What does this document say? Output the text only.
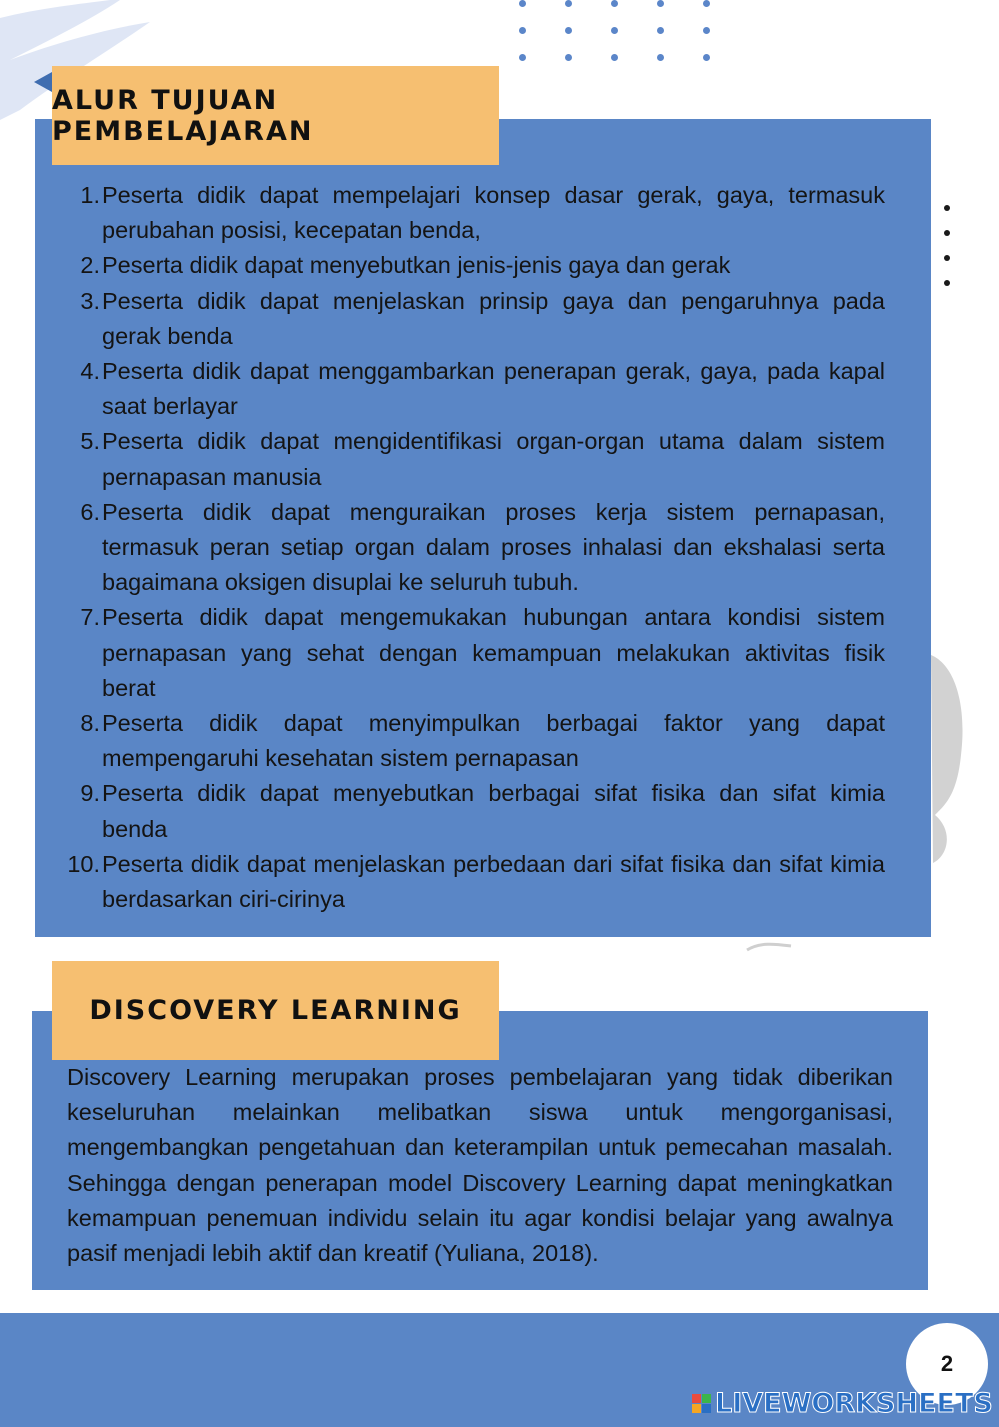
ALUR TUJUAN PEMBELAJARAN
1. Peserta didik dapat mempelajari konsep dasar gerak, gaya, termasuk perubahan posisi, kecepatan benda,
2. Peserta didik dapat menyebutkan jenis-jenis gaya dan gerak
3. Peserta didik dapat menjelaskan prinsip gaya dan pengaruhnya pada gerak benda
4. Peserta didik dapat menggambarkan penerapan gerak, gaya, pada kapal saat berlayar
5. Peserta didik dapat mengidentifikasi organ-organ utama dalam sistem pernapasan manusia
6. Peserta didik dapat menguraikan proses kerja sistem pernapasan, termasuk peran setiap organ dalam proses inhalasi dan ekshalasi serta bagaimana oksigen disuplai ke seluruh tubuh.
7. Peserta didik dapat mengemukakan hubungan antara kondisi sistem pernapasan yang sehat dengan kemampuan melakukan aktivitas fisik berat
8. Peserta didik dapat menyimpulkan berbagai faktor yang dapat mempengaruhi kesehatan sistem pernapasan
9. Peserta didik dapat menyebutkan berbagai sifat fisika dan sifat kimia benda
10. Peserta didik dapat menjelaskan perbedaan dari sifat fisika dan sifat kimia berdasarkan ciri-cirinya
DISCOVERY LEARNING

Discovery Learning merupakan proses pembelajaran yang tidak diberikan keseluruhan melainkan melibatkan siswa untuk mengorganisasi, mengembangkan pengetahuan dan keterampilan untuk pemecahan masalah. Sehingga dengan penerapan model Discovery Learning dapat meningkatkan kemampuan penemuan individu selain itu agar kondisi belajar yang awalnya pasif menjadi lebih aktif dan kreatif (Yuliana, 2018).

2
LIVEWORKSHEETS
